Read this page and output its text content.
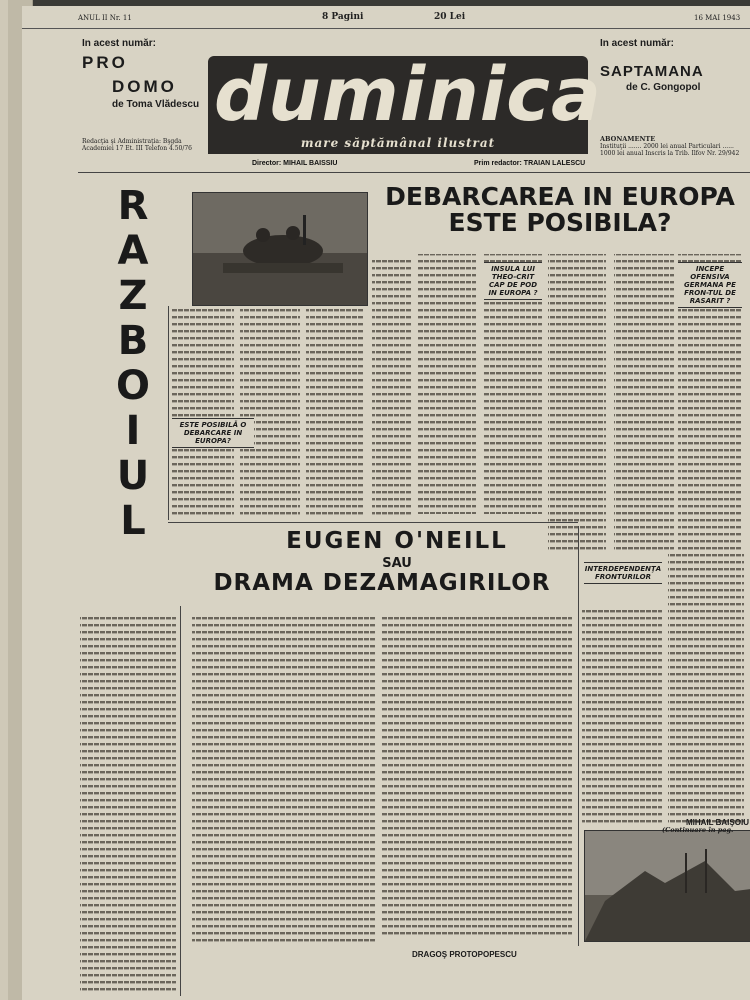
ANUL II Nr. 11	8 Pagini	20 Lei	16 MAI 1943
In acest număr:
PRO
DOMO
de Toma Vlădescu
Redacţia şi Administraţia: Bşgda Academiei 17 Et. III Telefon 4.50/76
duminica
mare săptămânal ilustrat
In acest număr:
SAPTAMANA
de C. Gongopol
ABONAMENTE
Instituţii ....... 2000 lei anual Particulari ...... 1000 lei anual Inscris la Trib. Ilfov Nr. 29/942
Director: MIHAIL BAISSIU	Prim redactor: TRAIAN LALESCU
R
A
Z
B
O
I
U
L
DEBARCAREA IN EUROPA
ESTE POSIBILA?
ESTE POSIBILĂ O DEBARCARE IN EUROPA?
INSULA LUI THEO-CRIT CAP DE POD IN EUROPA ?
INCEPE OFENSIVA GERMANA PE FRON-TUL DE RASARIT ?
INTERDEPENDENŢA FRONTURILOR
EUGEN O'NEILL
SAU
DRAMA DEZAMAGIRILOR
DRAGOŞ PROTOPOPESCU
MIHAIL BAIŞOIU
(Continuare în pag.
